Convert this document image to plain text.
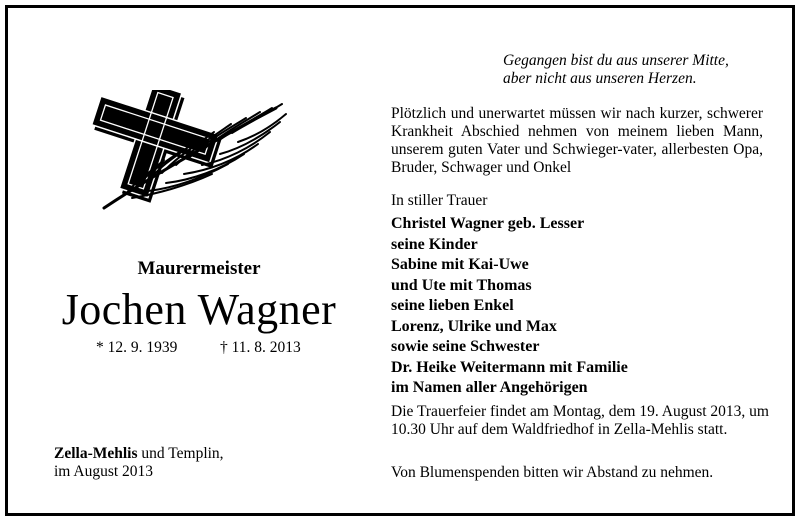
Gegangen bist du aus unserer Mitte,
aber nicht aus unseren Herzen.
Plötzlich und unerwartet müssen wir nach kurzer, schwerer Krankheit Abschied nehmen von meinem lieben Mann, unserem guten Vater und Schwieger-vater, allerbesten Opa, Bruder, Schwager und Onkel
Maurermeister
Jochen Wagner
* 12. 9. 1939	† 11. 8. 2013
In stiller Trauer
Christel Wagner geb. Lesser
seine Kinder
Sabine mit Kai-Uwe
und Ute mit Thomas
seine lieben Enkel
Lorenz, Ulrike und Max
sowie seine Schwester
Dr. Heike Weitermann mit Familie
im Namen aller Angehörigen
Die Trauerfeier findet am Montag, dem 19. August 2013, um 10.30 Uhr auf dem Waldfriedhof in Zella-Mehlis statt.
Von Blumenspenden bitten wir Abstand zu nehmen.
Zella-Mehlis und Templin,
im August 2013
